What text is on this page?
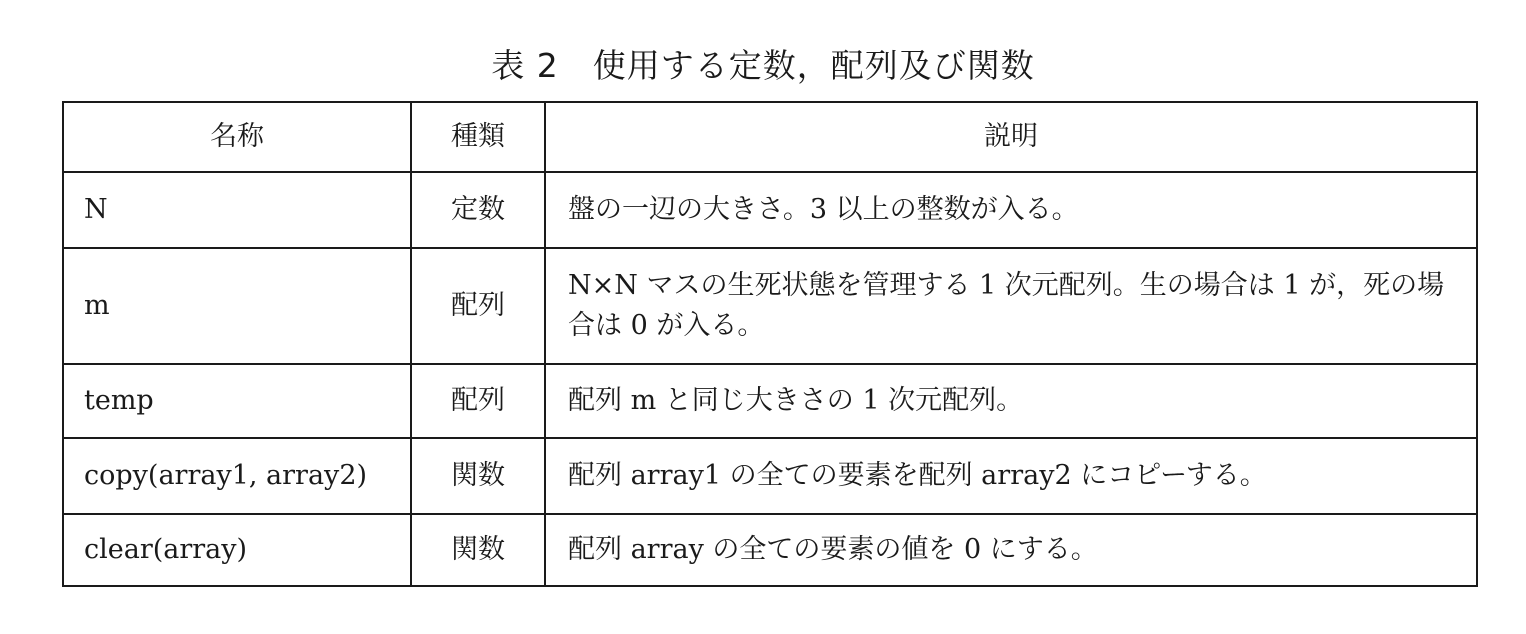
表 2　使用する定数，配列及び関数
名称	種類	説明
N	定数	盤の一辺の大きさ。3 以上の整数が入る。
m	配列	N×N マスの生死状態を管理する 1 次元配列。生の場合は 1 が，死の場合は 0 が入る。
temp	配列	配列 m と同じ大きさの 1 次元配列。
copy(array1, array2)	関数	配列 array1 の全ての要素を配列 array2 にコピーする。
clear(array)	関数	配列 array の全ての要素の値を 0 にする。
